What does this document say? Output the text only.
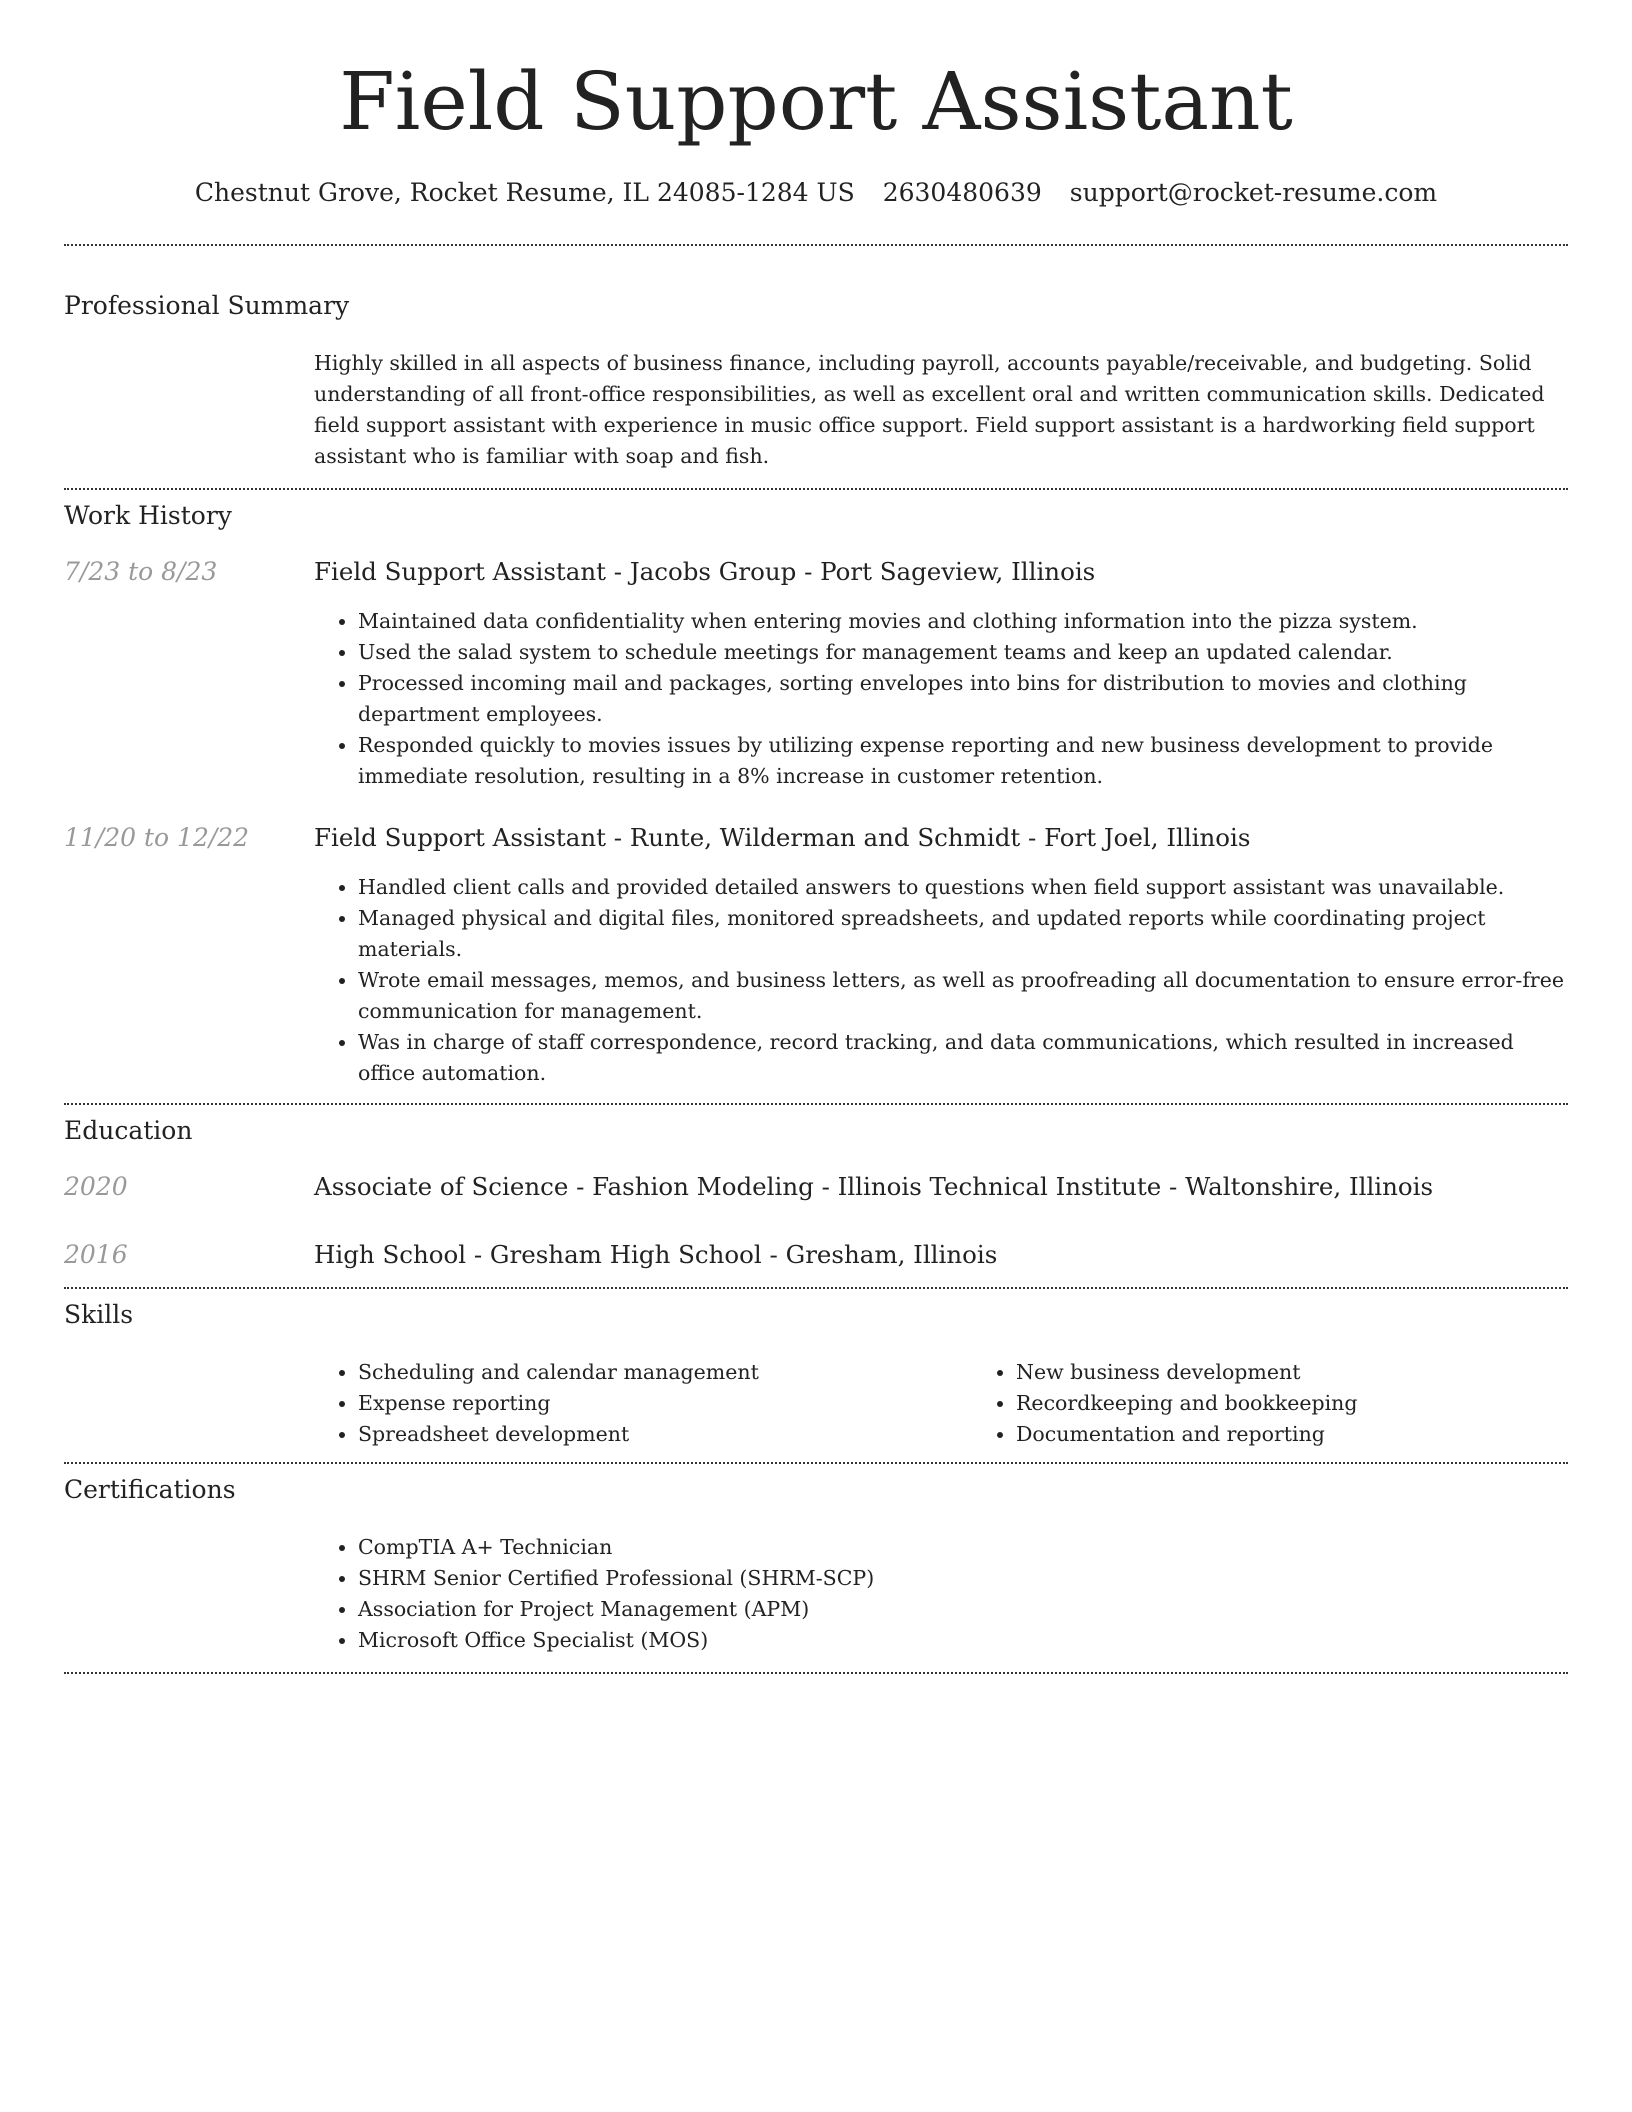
Field Support Assistant
Chestnut Grove, Rocket Resume, IL 24085-1284 US 2630480639 support@rocket-resume.com
Professional Summary

Highly skilled in all aspects of business finance, including payroll, accounts payable/receivable, and budgeting. Solid understanding of all front-office responsibilities, as well as excellent oral and written communication skills. Dedicated field support assistant with experience in music office support. Field support assistant is a hardworking field support assistant who is familiar with soap and fish.

Work History
7/23 to 8/23	Field Support Assistant - Jacobs Group - Port Sageview, Illinois
• Maintained data confidentiality when entering movies and clothing information into the pizza system.
• Used the salad system to schedule meetings for management teams and keep an updated calendar.
• Processed incoming mail and packages, sorting envelopes into bins for distribution to movies and clothing department employees.
• Responded quickly to movies issues by utilizing expense reporting and new business development to provide immediate resolution, resulting in a 8% increase in customer retention.
11/20 to 12/22	Field Support Assistant - Runte, Wilderman and Schmidt - Fort Joel, Illinois
• Handled client calls and provided detailed answers to questions when field support assistant was unavailable.
• Managed physical and digital files, monitored spreadsheets, and updated reports while coordinating project materials.
• Wrote email messages, memos, and business letters, as well as proofreading all documentation to ensure error-free communication for management.
• Was in charge of staff correspondence, record tracking, and data communications, which resulted in increased office automation.
Education
2020	Associate of Science - Fashion Modeling - Illinois Technical Institute - Waltonshire, Illinois
2016	High School - Gresham High School - Gresham, Illinois
Skills
• Scheduling and calendar management
• Expense reporting
• Spreadsheet development
• New business development
• Recordkeeping and bookkeeping
• Documentation and reporting
Certifications
• CompTIA A+ Technician
• SHRM Senior Certified Professional (SHRM-SCP)
• Association for Project Management (APM)
• Microsoft Office Specialist (MOS)
